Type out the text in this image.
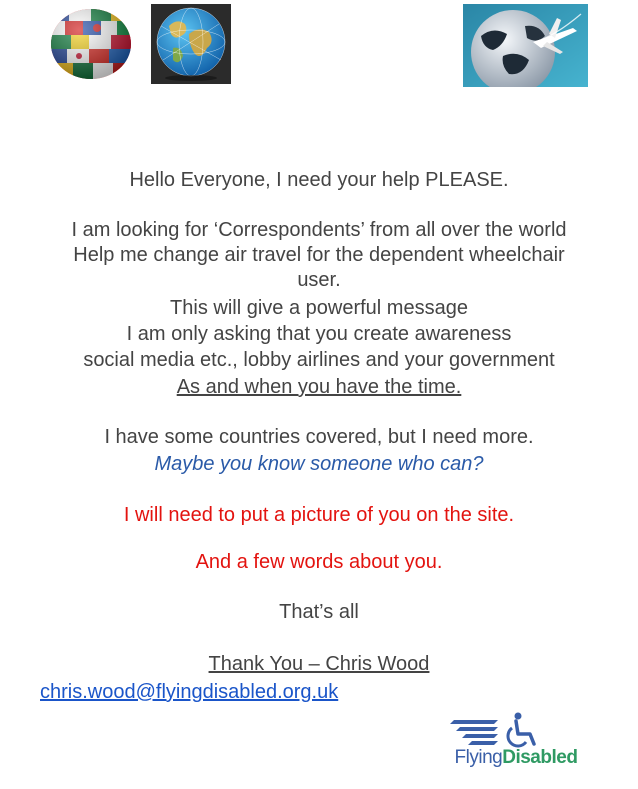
Hello Everyone, I need your help PLEASE.
I am looking for ‘Correspondents’ from all over the world
Help me change air travel for the dependent wheelchair
user.
This will give a powerful message
I am only asking that you create awareness
social media etc., lobby airlines and your government
As and when you have the time.
I have some countries covered, but I need more.
Maybe you know someone who can?
I will need to put a picture of you on the site.
And a few words about you.
That’s all
Thank You – Chris Wood
chris.wood@flyingdisabled.org.uk
FlyingDisabled
